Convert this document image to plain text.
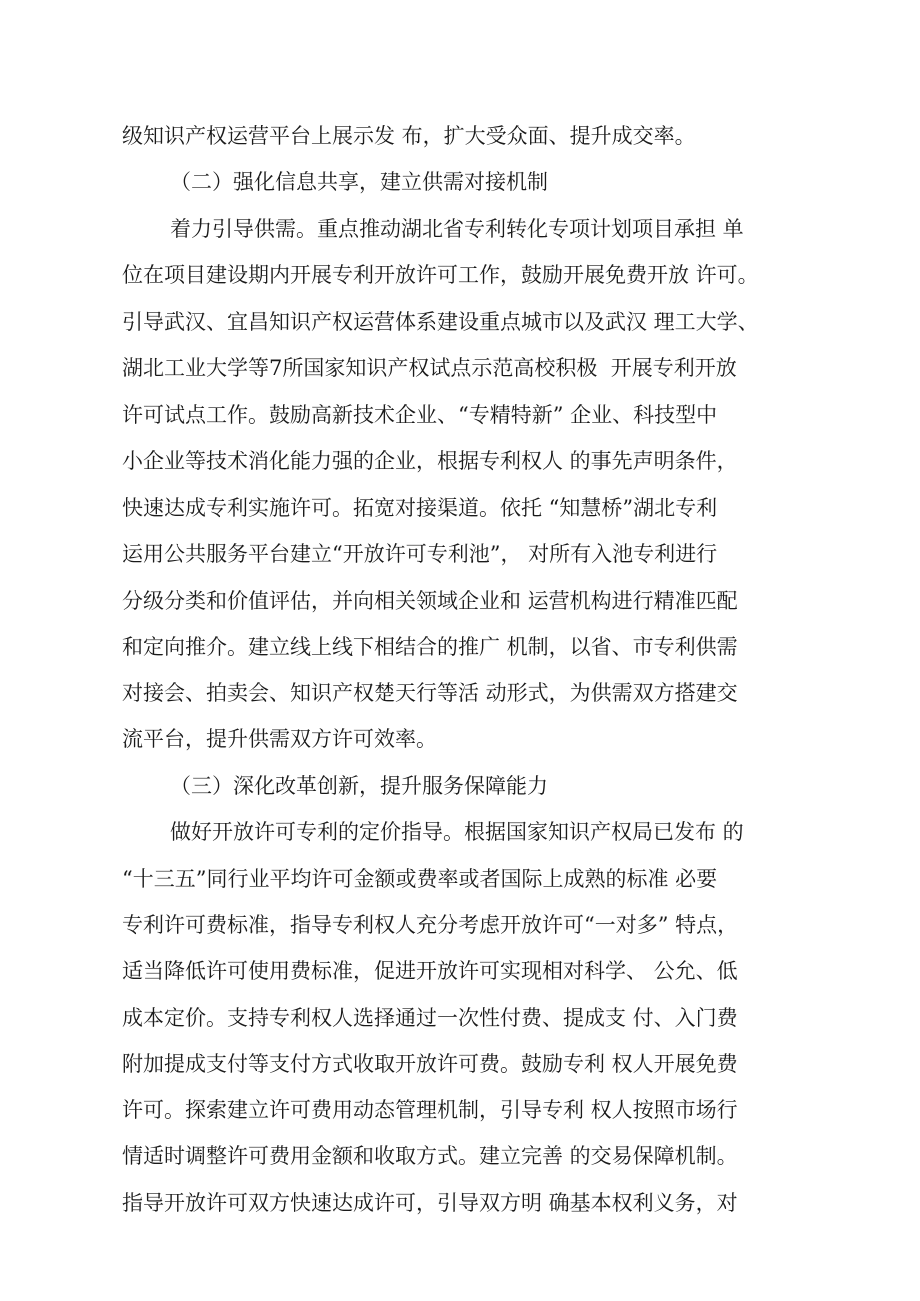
级知识产权运营平台上展示发 布，扩大受众面、提升成交率。
（二）强化信息共享，建立供需对接机制
着力引导供需。重点推动湖北省专利转化专项计划项目承担 单
位在项目建设期内开展专利开放许可工作，鼓励开展免费开放 许可。
引导武汉、宜昌知识产权运营体系建设重点城市以及武汉 理工大学、
湖北工业大学等7所国家知识产权试点示范高校积极  开展专利开放
许可试点工作。鼓励高新技术企业、“专精特新” 企业、科技型中
小企业等技术消化能力强的企业，根据专利权人 的事先声明条件，
快速达成专利实施许可。拓宽对接渠道。依托 “知慧桥”湖北专利
运用公共服务平台建立“开放许可专利池”， 对所有入池专利进行
分级分类和价值评估，并向相关领域企业和 运营机构进行精准匹配
和定向推介。建立线上线下相结合的推广 机制，以省、市专利供需
对接会、拍卖会、知识产权楚天行等活 动形式，为供需双方搭建交
流平台，提升供需双方许可效率。
（三）深化改革创新，提升服务保障能力
做好开放许可专利的定价指导。根据国家知识产权局已发布 的
“十三五”同行业平均许可金额或费率或者国际上成熟的标准 必要
专利许可费标准，指导专利权人充分考虑开放许可“一对多” 特点，
适当降低许可使用费标准，促进开放许可实现相对科学、 公允、低
成本定价。支持专利权人选择通过一次性付费、提成支 付、入门费
附加提成支付等支付方式收取开放许可费。鼓励专利 权人开展免费
许可。探索建立许可费用动态管理机制，引导专利 权人按照市场行
情适时调整许可费用金额和收取方式。建立完善 的交易保障机制。
指导开放许可双方快速达成许可，引导双方明 确基本权利义务，对
